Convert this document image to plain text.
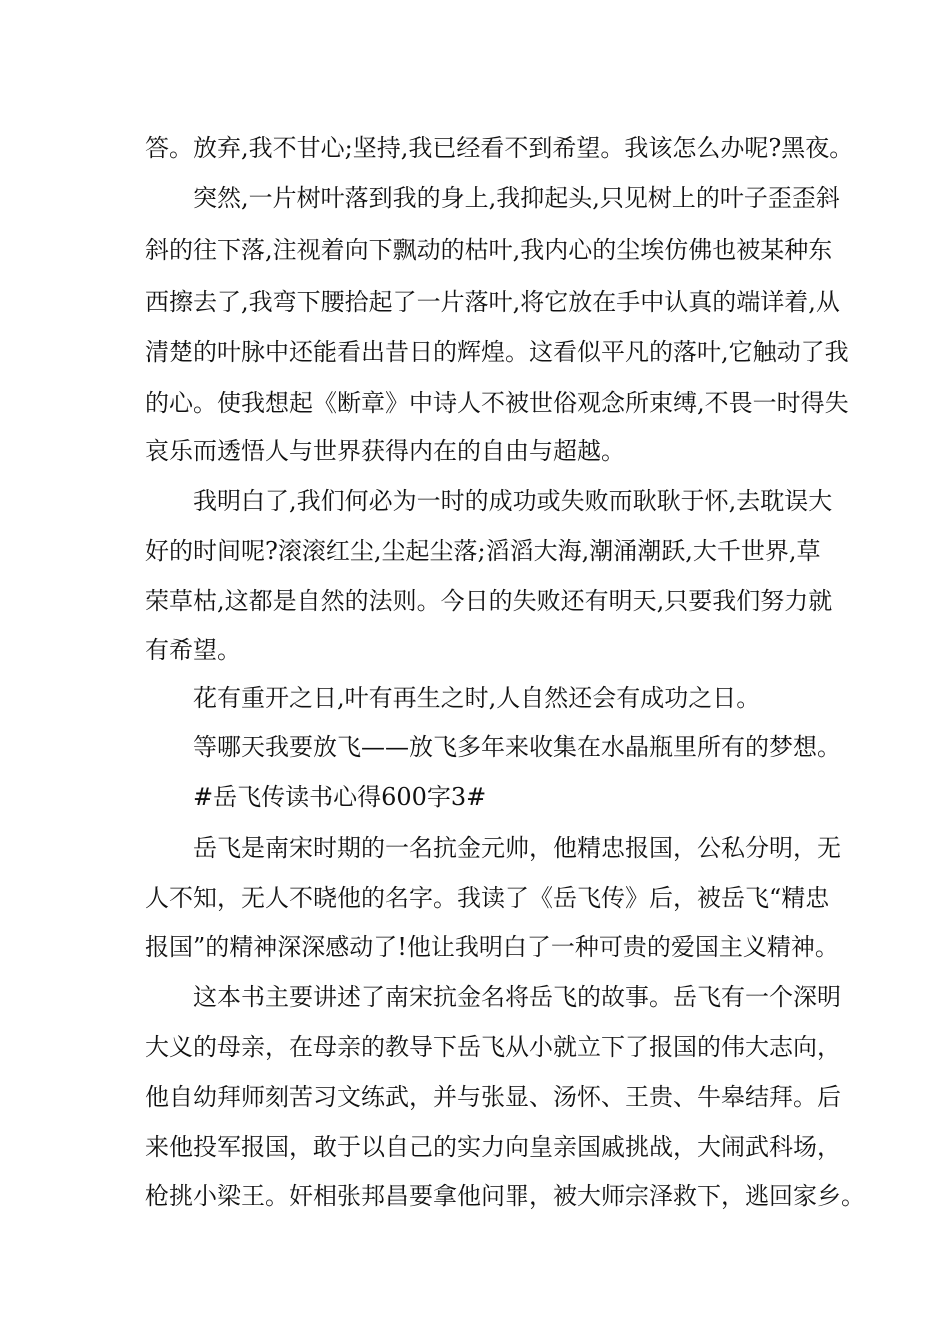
答。放弃,我不甘心;坚持,我已经看不到希望。我该怎么办呢?黑夜。

突然,一片树叶落到我的身上,我抑起头,只见树上的叶子歪歪斜

斜的往下落,注视着向下飘动的枯叶,我内心的尘埃仿佛也被某种东

西擦去了,我弯下腰拾起了一片落叶,将它放在手中认真的端详着,从

清楚的叶脉中还能看出昔日的辉煌。这看似平凡的落叶,它触动了我

的心。使我想起《断章》中诗人不被世俗观念所束缚,不畏一时得失

哀乐而透悟人与世界获得内在的自由与超越。

我明白了,我们何必为一时的成功或失败而耿耿于怀,去耽误大

好的时间呢?滚滚红尘,尘起尘落;滔滔大海,潮涌潮跃,大千世界,草

荣草枯,这都是自然的法则。今日的失败还有明天,只要我们努力就

有希望。

花有重开之日,叶有再生之时,人自然还会有成功之日。

等哪天我要放飞——放飞多年来收集在水晶瓶里所有的梦想。

#岳飞传读书心得600字3#

岳飞是南宋时期的一名抗金元帅，他精忠报国，公私分明，无

人不知，无人不晓他的名字。我读了《岳飞传》后，被岳飞“精忠

报国”的精神深深感动了!他让我明白了一种可贵的爱国主义精神。

这本书主要讲述了南宋抗金名将岳飞的故事。岳飞有一个深明

大义的母亲，在母亲的教导下岳飞从小就立下了报国的伟大志向，

他自幼拜师刻苦习文练武，并与张显、汤怀、王贵、牛皋结拜。后

来他投军报国，敢于以自己的实力向皇亲国戚挑战，大闹武科场，

枪挑小梁王。奸相张邦昌要拿他问罪，被大师宗泽救下，逃回家乡。
